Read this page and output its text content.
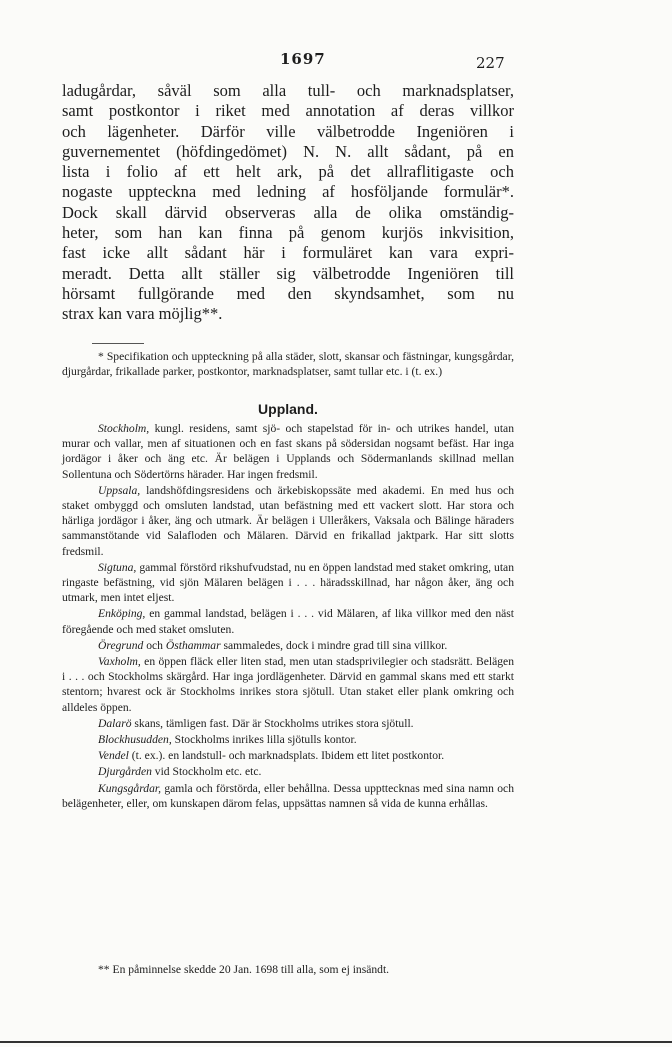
1697	227
ladugårdar, såväl som alla tull- och marknadsplatser,
samt postkontor i riket med annotation af deras villkor
och lägenheter. Därför ville välbetrodde Ingeniören i
guvernementet (höfdingedömet) N. N. allt sådant, på en
lista i folio af ett helt ark, på det allraflitigaste och
nogaste uppteckna med ledning af hosföljande formulär*.
Dock skall därvid observeras alla de olika omständig-
heter, som han kan finna på genom kurjös inkvisition,
fast icke allt sådant här i formuläret kan vara expri-
meradt. Detta allt ställer sig välbetrodde Ingeniören till
hörsamt fullgörande med den skyndsamhet, som nu
strax kan vara möjlig**.

* Specifikation och uppteckning på alla städer, slott, skansar och fästningar, kungsgårdar, djurgårdar, frikallade parker, postkontor, marknadsplatser, samt tullar etc. i (t. ex.)

Uppland.

Stockholm, kungl. residens, samt sjö- och stapelstad för in- och utrikes handel, utan murar och vallar, men af situationen och en fast skans på södersidan nogsamt befäst. Har inga jordägor i åker och äng etc. Är belägen i Upplands och Södermanlands skillnad mellan Sollentuna och Södertörns härader. Har ingen fredsmil.

Uppsala, landshöfdingsresidens och ärkebiskopssäte med akademi. En med hus och staket ombyggd och omsluten landstad, utan befästning med ett vackert slott. Har stora och härliga jordägor i åker, äng och utmark. Är belägen i Ulleråkers, Vaksala och Bälinge häraders sammanstötande vid Salafloden och Mälaren. Därvid en frikallad jaktpark. Har sitt slotts fredsmil.

Sigtuna, gammal förstörd rikshufvudstad, nu en öppen landstad med staket omkring, utan ringaste befästning, vid sjön Mälaren belägen i . . . häradsskillnad, har någon åker, äng och utmark, men intet eljest.

Enköping, en gammal landstad, belägen i . . . vid Mälaren, af lika villkor med den näst föregående och med staket omsluten.

Öregrund och Östhammar sammaledes, dock i mindre grad till sina villkor.

Vaxholm, en öppen fläck eller liten stad, men utan stadsprivilegier och stadsrätt. Belägen i . . . och Stockholms skärgård. Har inga jordlägenheter. Därvid en gammal skans med ett starkt stentorn; hvarest ock är Stockholms inrikes stora sjötull. Utan staket eller plank omkring och alldeles öppen.

Dalarö skans, tämligen fast. Där är Stockholms utrikes stora sjötull.

Blockhusudden, Stockholms inrikes lilla sjötulls kontor.

Vendel (t. ex.). en landstull- och marknadsplats. Ibidem ett litet postkontor.

Djurgården vid Stockholm etc. etc.

Kungsgårdar, gamla och förstörda, eller behållna. Dessa uppttecknas med sina namn och belägenheter, eller, om kunskapen därom felas, uppsättas namnen så vida de kunna erhållas.

** En påminnelse skedde 20 Jan. 1698 till alla, som ej insändt.
